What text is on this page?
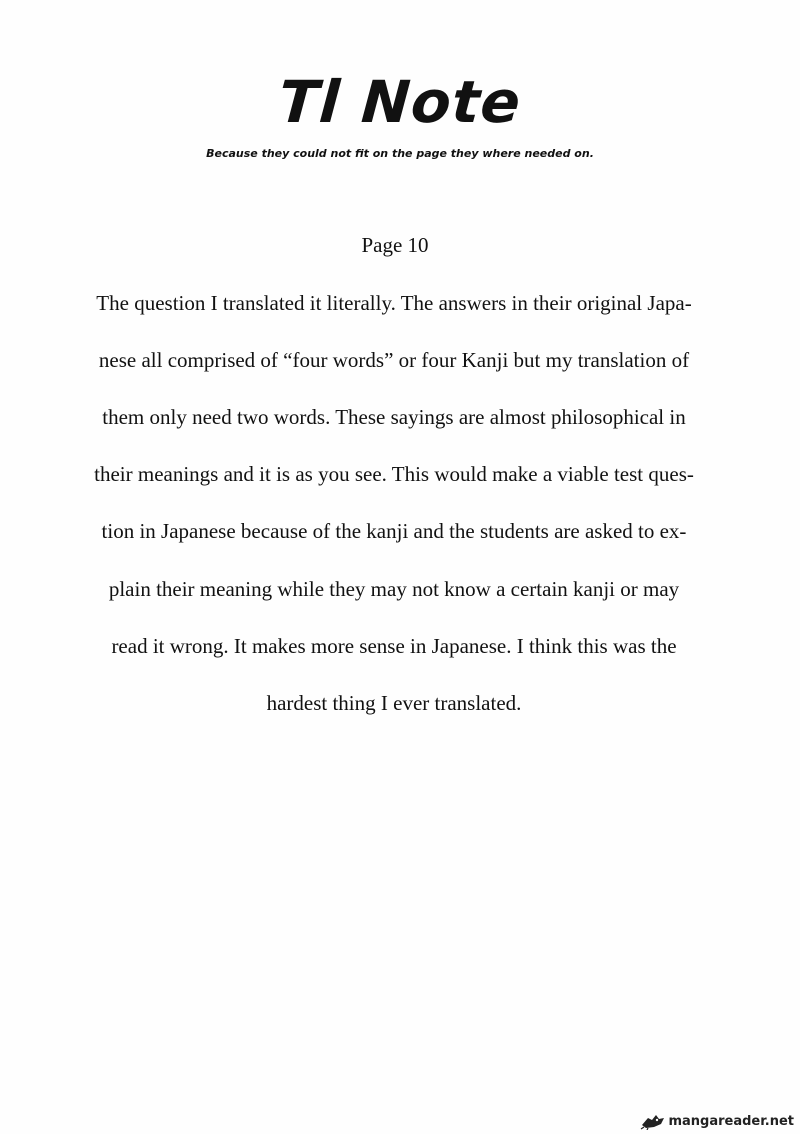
Tl Note
Because they could not fit on the page they where needed on.
Page 10

The question I translated it literally. The answers in their original Japa-

nese all comprised of “four words” or four Kanji but my translation of

them only need two words. These sayings are almost philosophical in

their meanings and it is as you see. This would make a viable test ques-

tion in Japanese because of the kanji and the students are asked to ex-

plain their meaning while they may not know a certain kanji or may

read it wrong. It makes more sense in Japanese. I think this was the

hardest thing I ever translated.

mangareader.net
